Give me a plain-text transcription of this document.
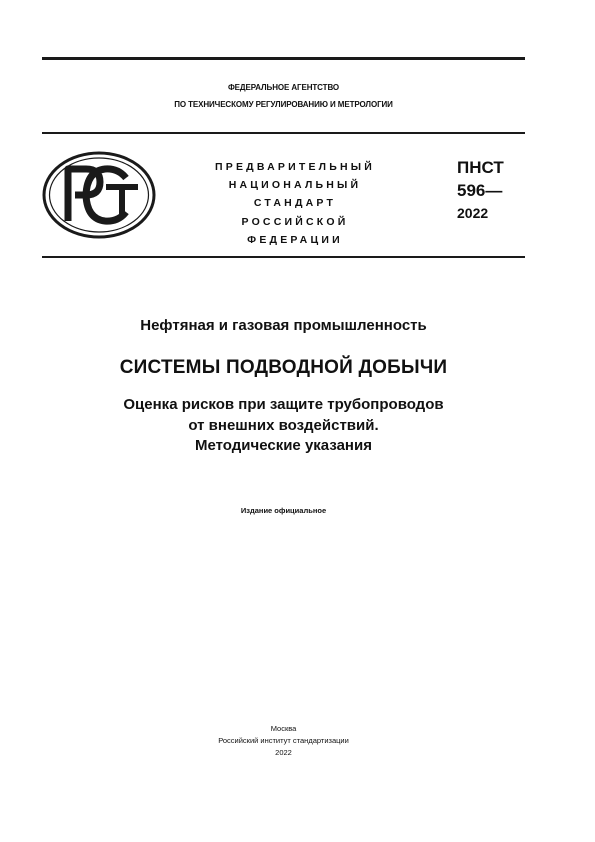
ФЕДЕРАЛЬНОЕ АГЕНТСТВО
ПО ТЕХНИЧЕСКОМУ РЕГУЛИРОВАНИЮ И МЕТРОЛОГИИ
ПРЕДВАРИТЕЛЬНЫЙ
НАЦИОНАЛЬНЫЙ
СТАНДАРТ
РОССИЙСКОЙ
ФЕДЕРАЦИИ
ПНСТ
596—
2022
Нефтяная и газовая промышленность
СИСТЕМЫ ПОДВОДНОЙ ДОБЫЧИ
Оценка рисков при защите трубопроводов
от внешних воздействий.
Методические указания
Издание официальное
Москва
Российский институт стандартизации
2022
